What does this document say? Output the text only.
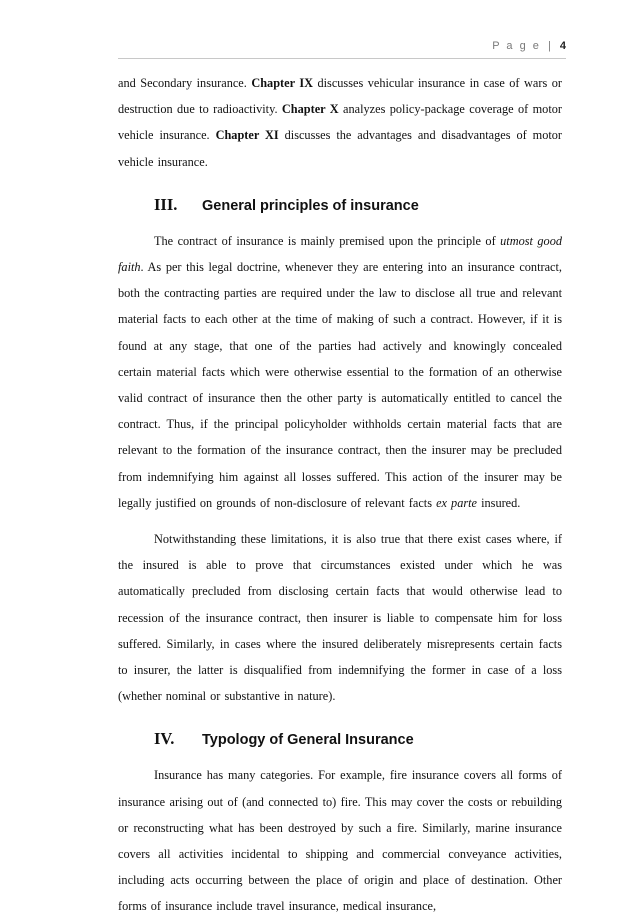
P a g e | 4

and Secondary insurance. Chapter IX discusses vehicular insurance in case of wars or destruction due to radioactivity. Chapter X analyzes policy-package coverage of motor vehicle insurance. Chapter XI discusses the advantages and disadvantages of motor vehicle insurance.

III. General principles of insurance

The contract of insurance is mainly premised upon the principle of utmost good faith. As per this legal doctrine, whenever they are entering into an insurance contract, both the contracting parties are required under the law to disclose all true and relevant material facts to each other at the time of making of such a contract. However, if it is found at any stage, that one of the parties had actively and knowingly concealed certain material facts which were otherwise essential to the formation of an otherwise valid contract of insurance then the other party is automatically entitled to cancel the contract. Thus, if the principal policyholder withholds certain material facts that are relevant to the formation of the insurance contract, then the insurer may be precluded from indemnifying him against all losses suffered. This action of the insurer may be legally justified on grounds of non-disclosure of relevant facts ex parte insured.

Notwithstanding these limitations, it is also true that there exist cases where, if the insured is able to prove that circumstances existed under which he was automatically precluded from disclosing certain facts that would otherwise lead to recession of the insurance contract, then insurer is liable to compensate him for loss suffered. Similarly, in cases where the insured deliberately misrepresents certain facts to insurer, the latter is disqualified from indemnifying the former in case of a loss (whether nominal or substantive in nature).

IV. Typology of General Insurance

Insurance has many categories. For example, fire insurance covers all forms of insurance arising out of (and connected to) fire. This may cover the costs or rebuilding or reconstructing what has been destroyed by such a fire. Similarly, marine insurance covers all activities incidental to shipping and commercial conveyance activities, including acts occurring between the place of origin and place of destination. Other forms of insurance include travel insurance, medical insurance,
